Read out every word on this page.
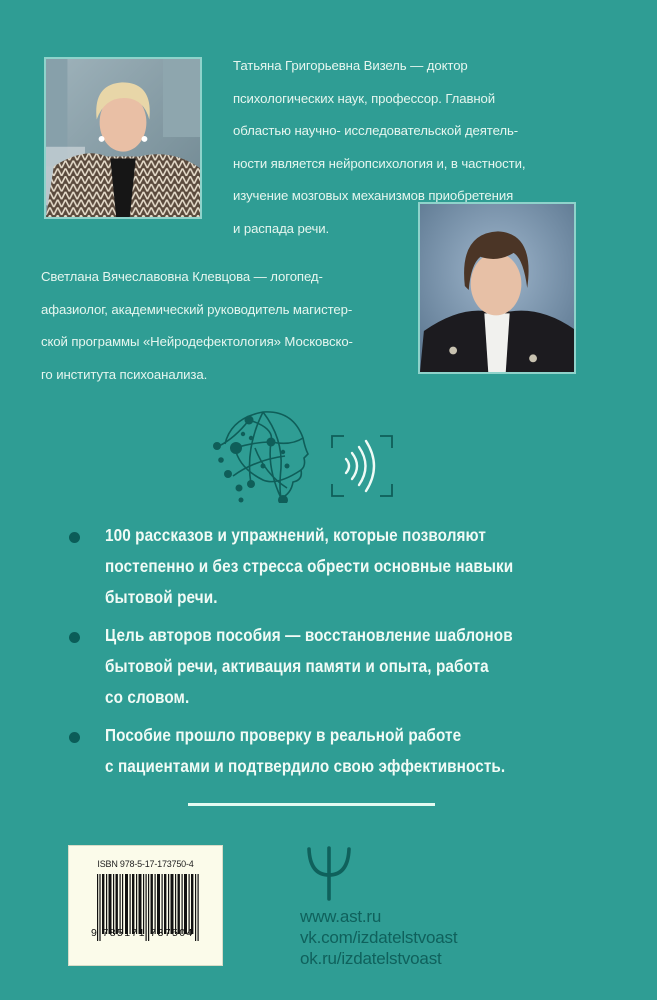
Татьяна Григорьевна Визель — доктор
психологических наук, профессор. Главной
областью научно- исследовательской деятель-
ности является нейропсихология и, в частности,
изучение мозговых механизмов приобретения
и распада речи.
Светлана Вячеславовна Клевцова — логопед-
афазиолог, академический руководитель магистер-
ской программы «Нейродефектология» Московско-
го института психоанализа.
100 рассказов и упражнений, которые позволяют
постепенно и без стресса обрести основные навыки
бытовой речи.
Цель авторов пособия — восстановление шаблонов
бытовой речи, активация памяти и опыта, работа
со словом.
Пособие прошло проверку в реальной работе
с пациентами и подтвердило свою эффективность.
ISBN 978-5-17-173750-4
9 785171 737504
www.ast.ru
vk.com/izdatelstvoast
ok.ru/izdatelstvoast
